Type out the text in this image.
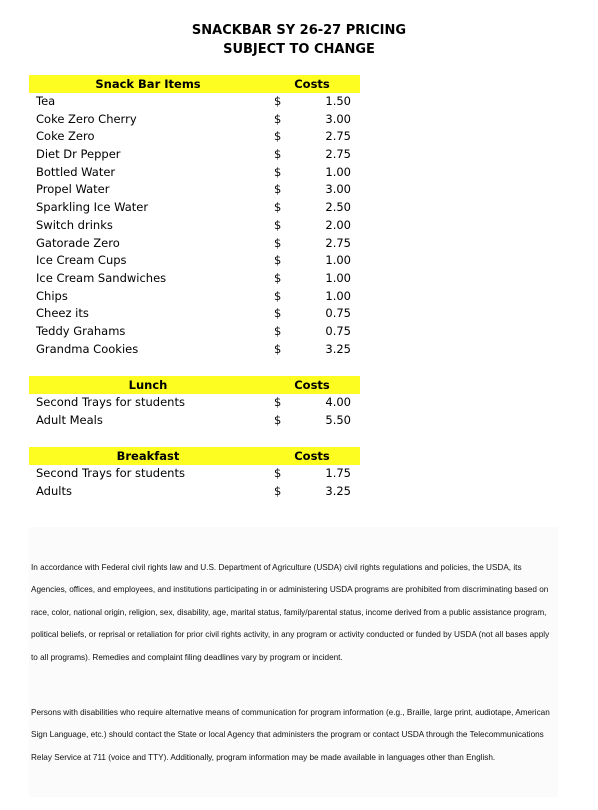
SNACKBAR SY 26-27 PRICING
SUBJECT TO CHANGE
Snack Bar Items	Costs
Tea	$	1.50
Coke Zero Cherry	$	3.00
Coke Zero	$	2.75
Diet Dr Pepper	$	2.75
Bottled Water	$	1.00
Propel Water	$	3.00
Sparkling Ice Water	$	2.50
Switch drinks	$	2.00
Gatorade Zero	$	2.75
Ice Cream Cups	$	1.00
Ice Cream Sandwiches	$	1.00
Chips	$	1.00
Cheez its	$	0.75
Teddy Grahams	$	0.75
Grandma Cookies	$	3.25
Lunch	Costs
Second Trays for students	$	4.00
Adult Meals	$	5.50
Breakfast	Costs
Second Trays for students	$	1.75
Adults	$	3.25
In accordance with Federal civil rights law and U.S. Department of Agriculture (USDA) civil rights regulations and policies, the USDA, its Agencies, offices, and employees, and institutions participating in or administering USDA programs are prohibited from discriminating based on race, color, national origin, religion, sex, disability, age, marital status, family/parental status, income derived from a public assistance program, political beliefs, or reprisal or retaliation for prior civil rights activity, in any program or activity conducted or funded by USDA (not all bases apply to all programs). Remedies and complaint filing deadlines vary by program or incident.
Persons with disabilities who require alternative means of communication for program information (e.g., Braille, large print, audiotape, American Sign Language, etc.) should contact the State or local Agency that administers the program or contact USDA through the Telecommunications Relay Service at 711 (voice and TTY). Additionally, program information may be made available in languages other than English.
